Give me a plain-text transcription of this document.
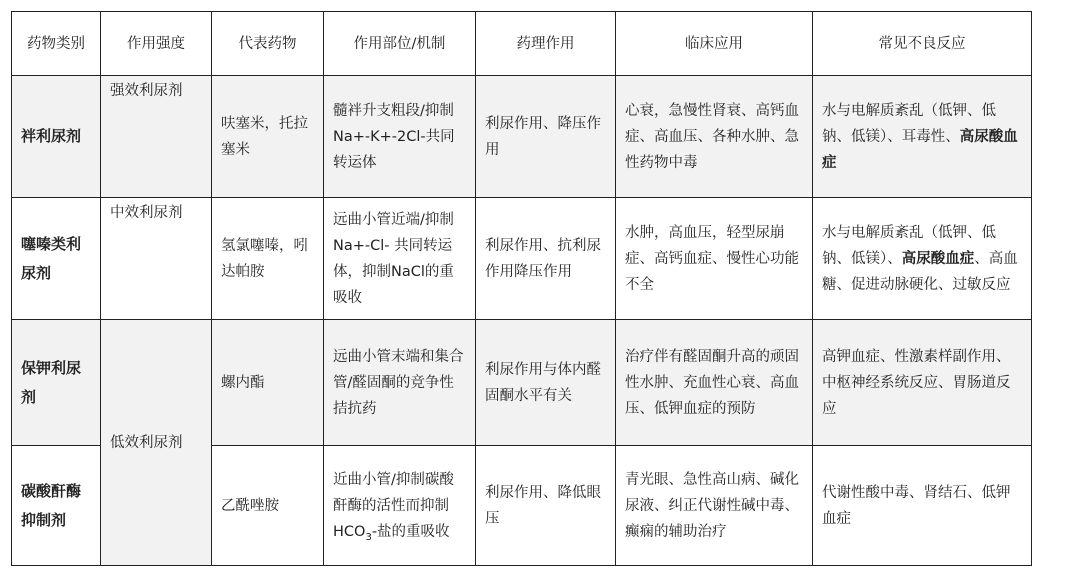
药物类别	作用强度	代表药物	作用部位/机制	药理作用	临床应用	常见不良反应
袢利尿剂	强效利尿剂	呋塞米，托拉塞米	髓袢升支粗段/抑制Na+-K+-2Cl-共同转运体	利尿作用、降压作用	心衰，急慢性肾衰、高钙血症、高血压、各种水肿、急性药物中毒	水与电解质紊乱（低钾、低钠、低镁）、耳毒性、高尿酸血症
噻嗪类利尿剂	中效利尿剂	氢氯噻嗪，吲达帕胺	远曲小管近端/抑制Na+-Cl- 共同转运体，抑制NaCl的重吸收	利尿作用、抗利尿作用降压作用	水肿，高血压，轻型尿崩症、高钙血症、慢性心功能不全	水与电解质紊乱（低钾、低钠、低镁）、高尿酸血症、高血糖、促进动脉硬化、过敏反应
保钾利尿剂	低效利尿剂	螺内酯	远曲小管末端和集合管/醛固酮的竞争性拮抗药	利尿作用与体内醛固酮水平有关	治疗伴有醛固酮升高的顽固性水肿、充血性心衰、高血压、低钾血症的预防	高钾血症、性激素样副作用、中枢神经系统反应、胃肠道反应
碳酸酐酶抑制剂		乙酰唑胺	近曲小管/抑制碳酸酐酶的活性而抑制$HCO_3-$盐的重吸收	利尿作用、降低眼压	青光眼、急性高山病、碱化尿液、纠正代谢性碱中毒、癫痫的辅助治疗	代谢性酸中毒、肾结石、低钾血症
